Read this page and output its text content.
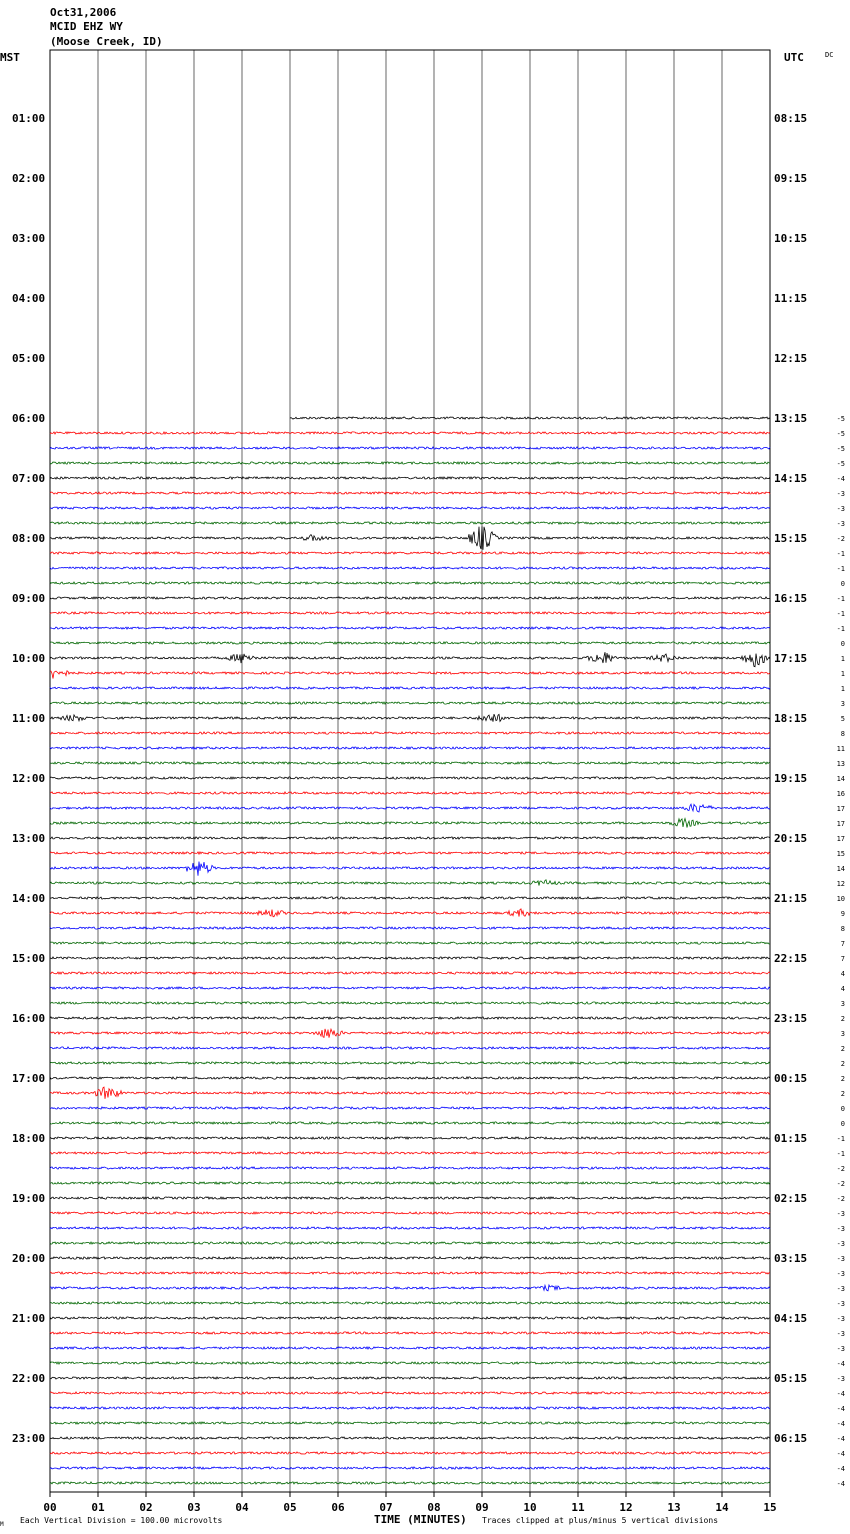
Oct31,2006
MCID EHZ WY
(Moose Creek, ID)
MST	UTC	DC
01:00
02:00
03:00
04:00
05:00
06:00
07:00
08:00
09:00
10:00
11:00
12:00
13:00
14:00
15:00
16:00
17:00
18:00
19:00
20:00
21:00
22:00
23:00
08:15
09:15
10:15
11:15
12:15
13:15
14:15
15:15
16:15
17:15
18:15
19:15
20:15
21:15
22:15
23:15
00:15
01:15
02:15
03:15
04:15
05:15
06:15
-5
-5
-5
-5
-4
-3
-3
-3
-2
-1
-1
0
-1
-1
-1
0
1
1
1
3
5
8
11
13
14
16
17
17
17
15
14
12
10
9
8
7
7
4
4
3
2
3
2
2
2
2
0
0
-1
-1
-2
-2
-2
-3
-3
-3
-3
-3
-3
-3
-3
-3
-3
-4
-3
-4
-4
-4
-4
-4
-4
-4
00	01	02	03	04	05	06	07	08	09	10	11	12	13	14	15
M Each Vertical Division = 100.00 microvolts	TIME (MINUTES) Traces clipped at plus/minus 5 vertical divisions
